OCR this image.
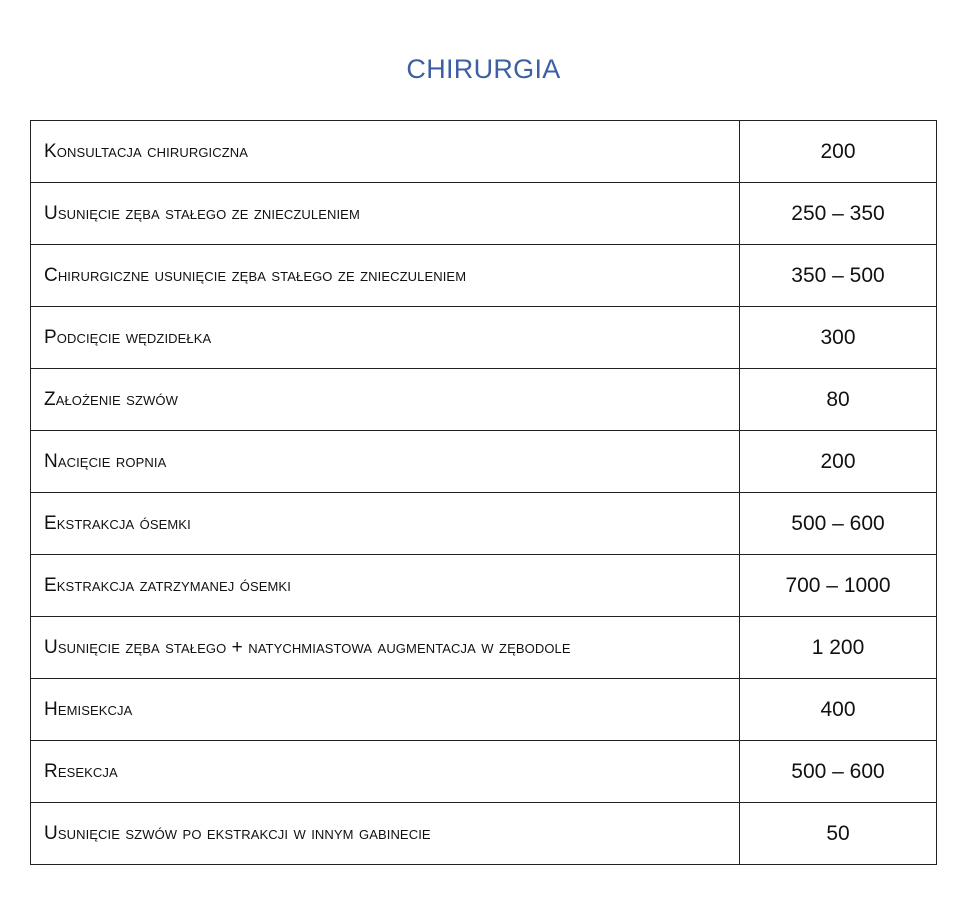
CHIRURGIA
Konsultacja chirurgiczna	200
Usunięcie zęba stałego ze znieczuleniem	250 – 350
Chirurgiczne usunięcie zęba stałego ze znieczuleniem	350 – 500
Podcięcie wędzidełka	300
Założenie szwów	80
Nacięcie ropnia	200
Ekstrakcja ósemki	500 – 600
Ekstrakcja zatrzymanej ósemki	700 – 1000
Usunięcie zęba stałego + natychmiastowa augmentacja w zębodole	1 200
Hemisekcja	400
Resekcja	500 – 600
Usunięcie szwów po ekstrakcji w innym gabinecie	50
